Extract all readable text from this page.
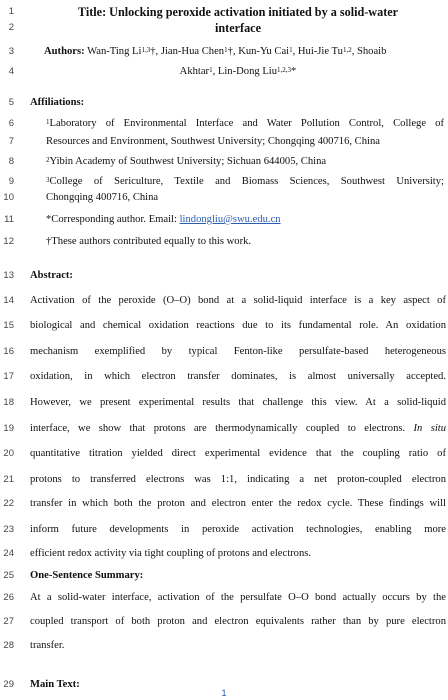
1
2
3
4
5
6
7
8
9
10
11
12
13
14
15
16
17
18
19
20
21
22
23
24
25
26
27
28
29
Title: Unlocking peroxide activation initiated by a solid-water
interface
Authors: Wan-Ting Li$^{1,3}$†, Jian-Hua Chen$^1$†, Kun-Yu Cai$^1$, Hui-Jie Tu$^{1,2}$, Shoaib
Akhtar$^1$, Lin-Dong Liu$^{1,2,3}$*
Affiliations:
$^1$Laboratory of Environmental Interface and Water Pollution Control, College of
Resources and Environment, Southwest University; Chongqing 400716, China
$^2$Yibin Academy of Southwest University; Sichuan 644005, China
$^3$College of Sericulture, Textile and Biomass Sciences, Southwest University;
Chongqing 400716, China
*Corresponding author. Email: lindongliu@swu.edu.cn
†These authors contributed equally to this work.
Abstract:
Activation of the peroxide (O–O) bond at a solid-liquid interface is a key aspect of
biological and chemical oxidation reactions due to its fundamental role. An oxidation
mechanism exemplified by typical Fenton-like persulfate-based heterogeneous
oxidation, in which electron transfer dominates, is almost universally accepted.
However, we present experimental results that challenge this view. At a solid-liquid
interface, we show that protons are thermodynamically coupled to electrons. In situ
quantitative titration yielded direct experimental evidence that the coupling ratio of
protons to transferred electrons was 1:1, indicating a net proton-coupled electron
transfer in which both the proton and electron enter the redox cycle. These findings will
inform future developments in peroxide activation technologies, enabling more
efficient redox activity via tight coupling of protons and electrons.
One-Sentence Summary:
At a solid-water interface, activation of the persulfate O–O bond actually occurs by the
coupled transport of both proton and electron equivalents rather than by pure electron
transfer.
Main Text:
1
